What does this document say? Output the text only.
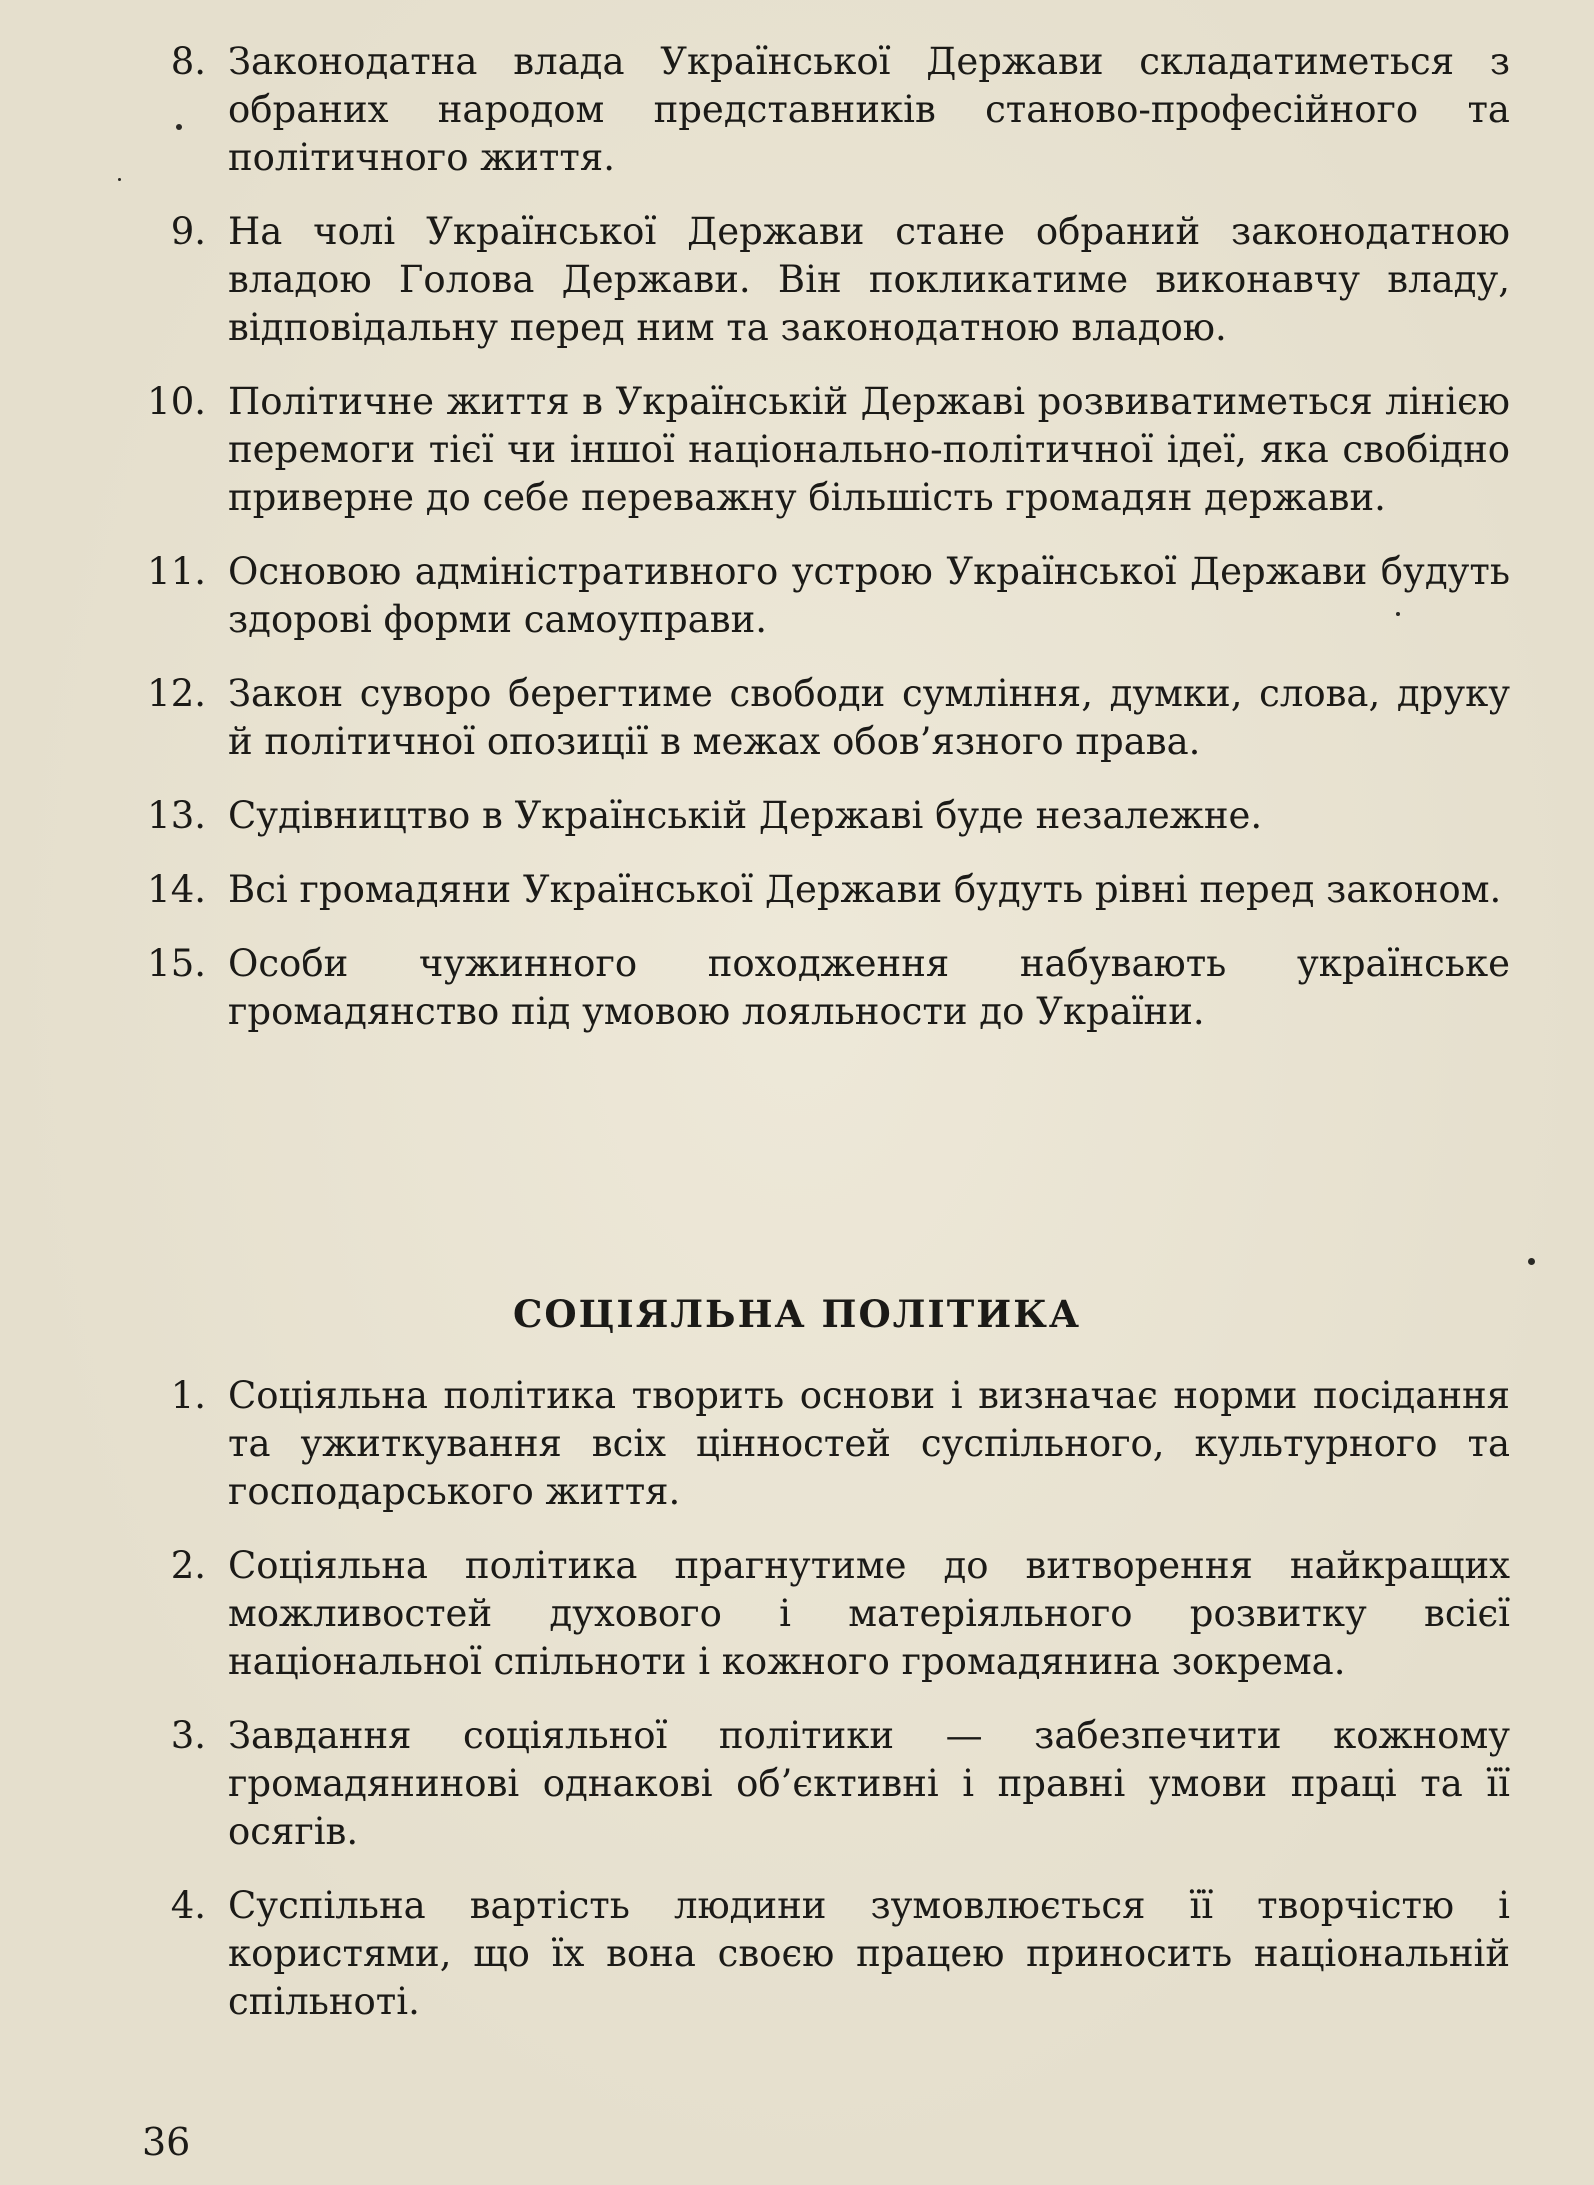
8. Законодатна влада Української Держави складатиметься з обраних народом представників станово-професійного та політичного життя.
9. На чолі Української Держави стане обраний законодатною владою Голова Держави. Він покликатиме виконавчу владу, відповідальну перед ним та законодатною владою.
10. Політичне життя в Українській Державі розвиватиметься лінією перемоги тієї чи іншої національно-політичної ідеї, яка свобідно приверне до себе переважну більшість громадян держави.
11. Основою адміністративного устрою Української Держави будуть здорові форми самоуправи.
12. Закон суворо берегтиме свободи сумління, думки, слова, друку й політичної опозиції в межах обов’язного права.
13. Судівництво в Українській Державі буде незалежне.
14. Всі громадяни Української Держави будуть рівні перед законом.
15. Особи чужинного походження набувають українське громадянство під умовою лояльности до України.
СОЦІЯЛЬНА ПОЛІТИКА
1. Соціяльна політика творить основи і визначає норми посідання та ужиткування всіх цінностей суспільного, культурного та господарського життя.
2. Соціяльна політика прагнутиме до витворення найкращих можливостей духового і матеріяльного розвитку всієї національної спільноти і кожного громадянина зокрема.
3. Завдання соціяльної політики — забезпечити кожному громадянинові однакові об’єктивні і правні умови праці та її осягів.
4. Суспільна вартість людини зумовлюється її творчістю і користями, що їх вона своєю працею приносить національній спільноті.
36
